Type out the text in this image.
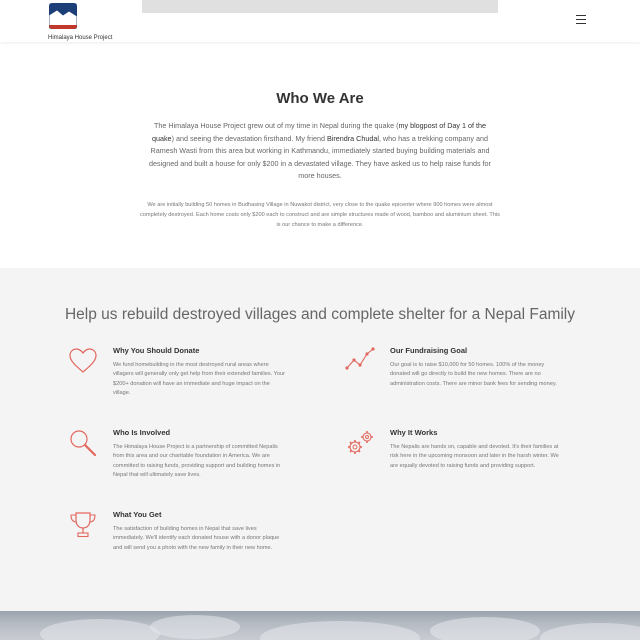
Himalaya House Project
Who We Are

The Himalaya House Project grew out of my time in Nepal during the quake (my blogpost of Day 1 of the quake) and seeing the devastation firsthand. My friend Birendra Chudal, who has a trekking company and Ramesh Wasti from this area but working in Kathmandu, immediately started buying building materials and designed and built a house for only $200 in a devastated village. They have asked us to help raise funds for more houses.

We are initially building 50 homes in Budhasing Village in Nuwakot district, very close to the quake epicenter where 900 homes were almost completely destroyed. Each home costs only $200 each to construct and are simple structures made of wood, bamboo and aluminium sheet. This is our chance to make a difference.

Help us rebuild destroyed villages and complete shelter for a Nepal Family
Why You Should Donate

We fund homebuilding in the most destroyed rural areas where villagers will generally only get help from their extended families. Your $200+ donation will have an immediate and huge impact on the village.

Our Fundraising Goal

Our goal is to raise $10,000 for 50 homes. 100% of the money donated will go directly to build the new homes. There are no administration costs. There are minor bank fees for sending money.

Who Is Involved

The Himalaya House Project is a partnership of committed Nepalis from this area and our charitable foundation in America. We are committed to raising funds, providing support and building homes in Nepal that will ultimately save lives.

Why It Works

The Nepalis are hands on, capable and devoted. It's their families at risk here in the upcoming monsoon and later in the harsh winter. We are equally devoted to raising funds and providing support.

What You Get

The satisfaction of building homes in Nepal that save lives immediately. We'll identify each donated house with a donor plaque and will send you a photo with the new family in their new home.
